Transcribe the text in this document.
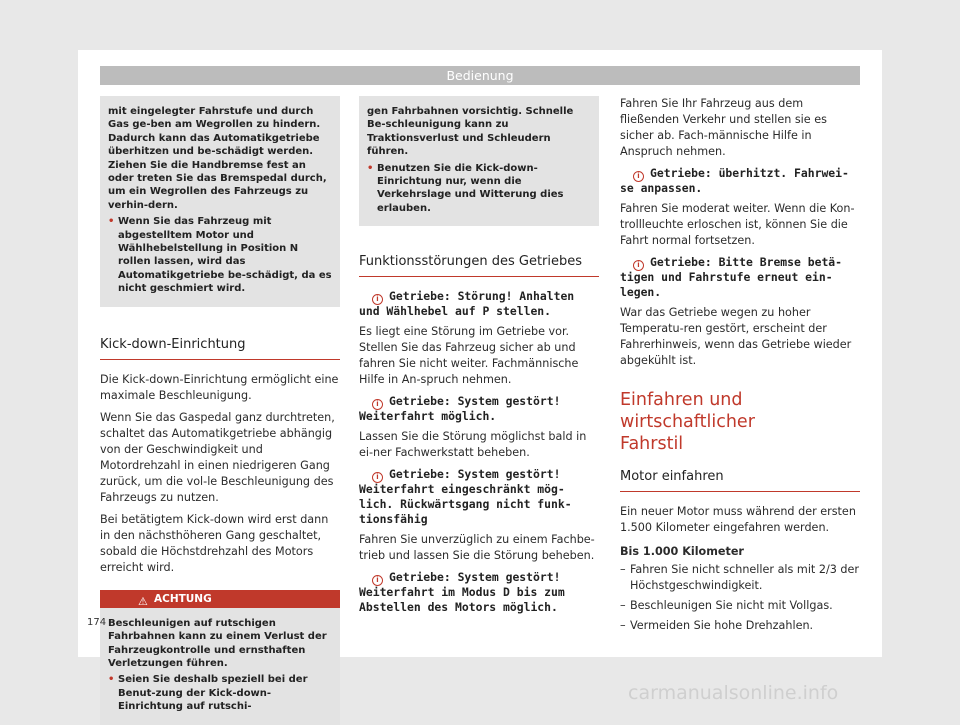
Bedienung

mit eingelegter Fahrstufe und durch Gas ge-ben am Wegrollen zu hindern. Dadurch kann das Automatikgetriebe überhitzen und be-schädigt werden. Ziehen Sie die Handbremse fest an oder treten Sie das Bremspedal durch, um ein Wegrollen des Fahrzeugs zu verhin-dern.

• Wenn Sie das Fahrzeug mit abgestelltem Motor und Wählhebelstellung in Position N rollen lassen, wird das Automatikgetriebe be-schädigt, da es nicht geschmiert wird.

Kick-down-Einrichtung

Die Kick-down-Einrichtung ermöglicht eine maximale Beschleunigung.

Wenn Sie das Gaspedal ganz durchtreten, schaltet das Automatikgetriebe abhängig von der Geschwindigkeit und Motordrehzahl in einen niedrigeren Gang zurück, um die vol-le Beschleunigung des Fahrzeugs zu nutzen.

Bei betätigtem Kick-down wird erst dann in den nächsthöheren Gang geschaltet, sobald die Höchstdrehzahl des Motors erreicht wird.

⚠ ACHTUNG

Beschleunigen auf rutschigen Fahrbahnen kann zu einem Verlust der Fahrzeugkontrolle und ernsthaften Verletzungen führen.

• Seien Sie deshalb speziell bei der Benut-zung der Kick-down-Einrichtung auf rutschi-

gen Fahrbahnen vorsichtig. Schnelle Be-schleunigung kann zu Traktionsverlust und Schleudern führen.

• Benutzen Sie die Kick-down-Einrichtung nur, wenn die Verkehrslage und Witterung dies erlauben.

Funktionsstörungen des Getriebes
i Getriebe: Störung! Anhalten
und Wählhebel auf P stellen.

Es liegt eine Störung im Getriebe vor. Stellen Sie das Fahrzeug sicher ab und fahren Sie nicht weiter. Fachmännische Hilfe in An-spruch nehmen.

i Getriebe: System gestört!
Weiterfahrt möglich.

Lassen Sie die Störung möglichst bald in ei-ner Fachwerkstatt beheben.

i Getriebe: System gestört!
Weiterfahrt eingeschränkt mög-
lich. Rückwärtsgang nicht funk-
tionsfähig

Fahren Sie unverzüglich zu einem Fachbe-trieb und lassen Sie die Störung beheben.

i Getriebe: System gestört!
Weiterfahrt im Modus D bis zum
Abstellen des Motors möglich.

Fahren Sie Ihr Fahrzeug aus dem fließenden Verkehr und stellen sie es sicher ab. Fach-männische Hilfe in Anspruch nehmen.

i Getriebe: überhitzt. Fahrwei-
se anpassen.

Fahren Sie moderat weiter. Wenn die Kon-trollleuchte erloschen ist, können Sie die Fahrt normal fortsetzen.

i Getriebe: Bitte Bremse betä-
tigen und Fahrstufe erneut ein-
legen.

War das Getriebe wegen zu hoher Temperatu-ren gestört, erscheint der Fahrerhinweis, wenn das Getriebe wieder abgekühlt ist.

Einfahren und wirtschaftlicher
Fahrstil
Motor einfahren

Ein neuer Motor muss während der ersten 1.500 Kilometer eingefahren werden.

Bis 1.000 Kilometer

– Fahren Sie nicht schneller als mit 2/3 der Höchstgeschwindigkeit.
– Beschleunigen Sie nicht mit Vollgas.
– Vermeiden Sie hohe Drehzahlen.
174
carmanualsonline.info
